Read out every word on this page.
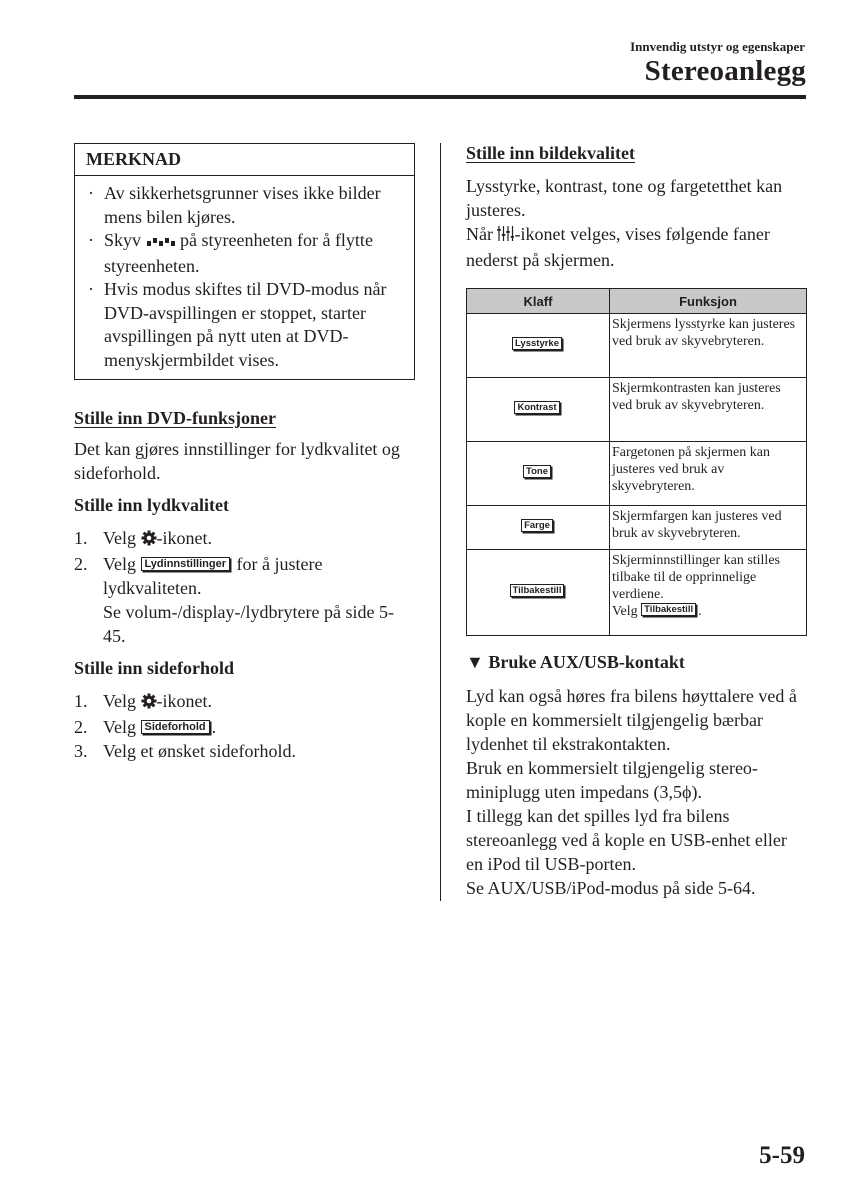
Innvendig utstyr og egenskaper
Stereoanlegg
MERKNAD
· Av sikkerhetsgrunner vises ikke bilder mens bilen kjøres.
· Skyv  på styreenheten for å flytte styreenheten.
· Hvis modus skiftes til DVD-modus når DVD-avspillingen er stoppet, starter avspillingen på nytt uten at DVD-menyskjermbildet vises.
Stille inn DVD-funksjoner
Det kan gjøres innstillinger for lydkvalitet og sideforhold.
Stille inn lydkvalitet
1. Velg -ikonet.
2. Velg Lydinnstillinger for å justere lydkvaliteten.
Se volum-/display-/lydbrytere på side 5-45.
Stille inn sideforhold
1. Velg -ikonet.
2. Velg Sideforhold .
3. Velg et ønsket sideforhold.
Stille inn bildekvalitet
Lysstyrke, kontrast, tone og fargetetthet kan justeres.
Når -ikonet velges, vises følgende faner nederst på skjermen.
Klaff	Funksjon
Lysstyrke	Skjermens lysstyrke kan justeres ved bruk av skyvebryteren.
Kontrast	Skjermkontrasten kan justeres ved bruk av skyvebryteren.
Tone	Fargetonen på skjermen kan justeres ved bruk av skyvebryteren.
Farge	Skjermfargen kan justeres ved bruk av skyvebryteren.
Tilbakestill	Skjerminnstillinger kan stilles tilbake til de opprinnelige verdiene.
Velg Tilbakestill .
▼ Bruke AUX/USB-kontakt
Lyd kan også høres fra bilens høyttalere ved å kople en kommersielt tilgjengelig bærbar lydenhet til ekstrakontakten.
Bruk en kommersielt tilgjengelig stereo-miniplugg uten impedans (3,5ϕ).
I tillegg kan det spilles lyd fra bilens stereoanlegg ved å kople en USB-enhet eller en iPod til USB-porten.
Se AUX/USB/iPod-modus på side 5-64.
5-59
